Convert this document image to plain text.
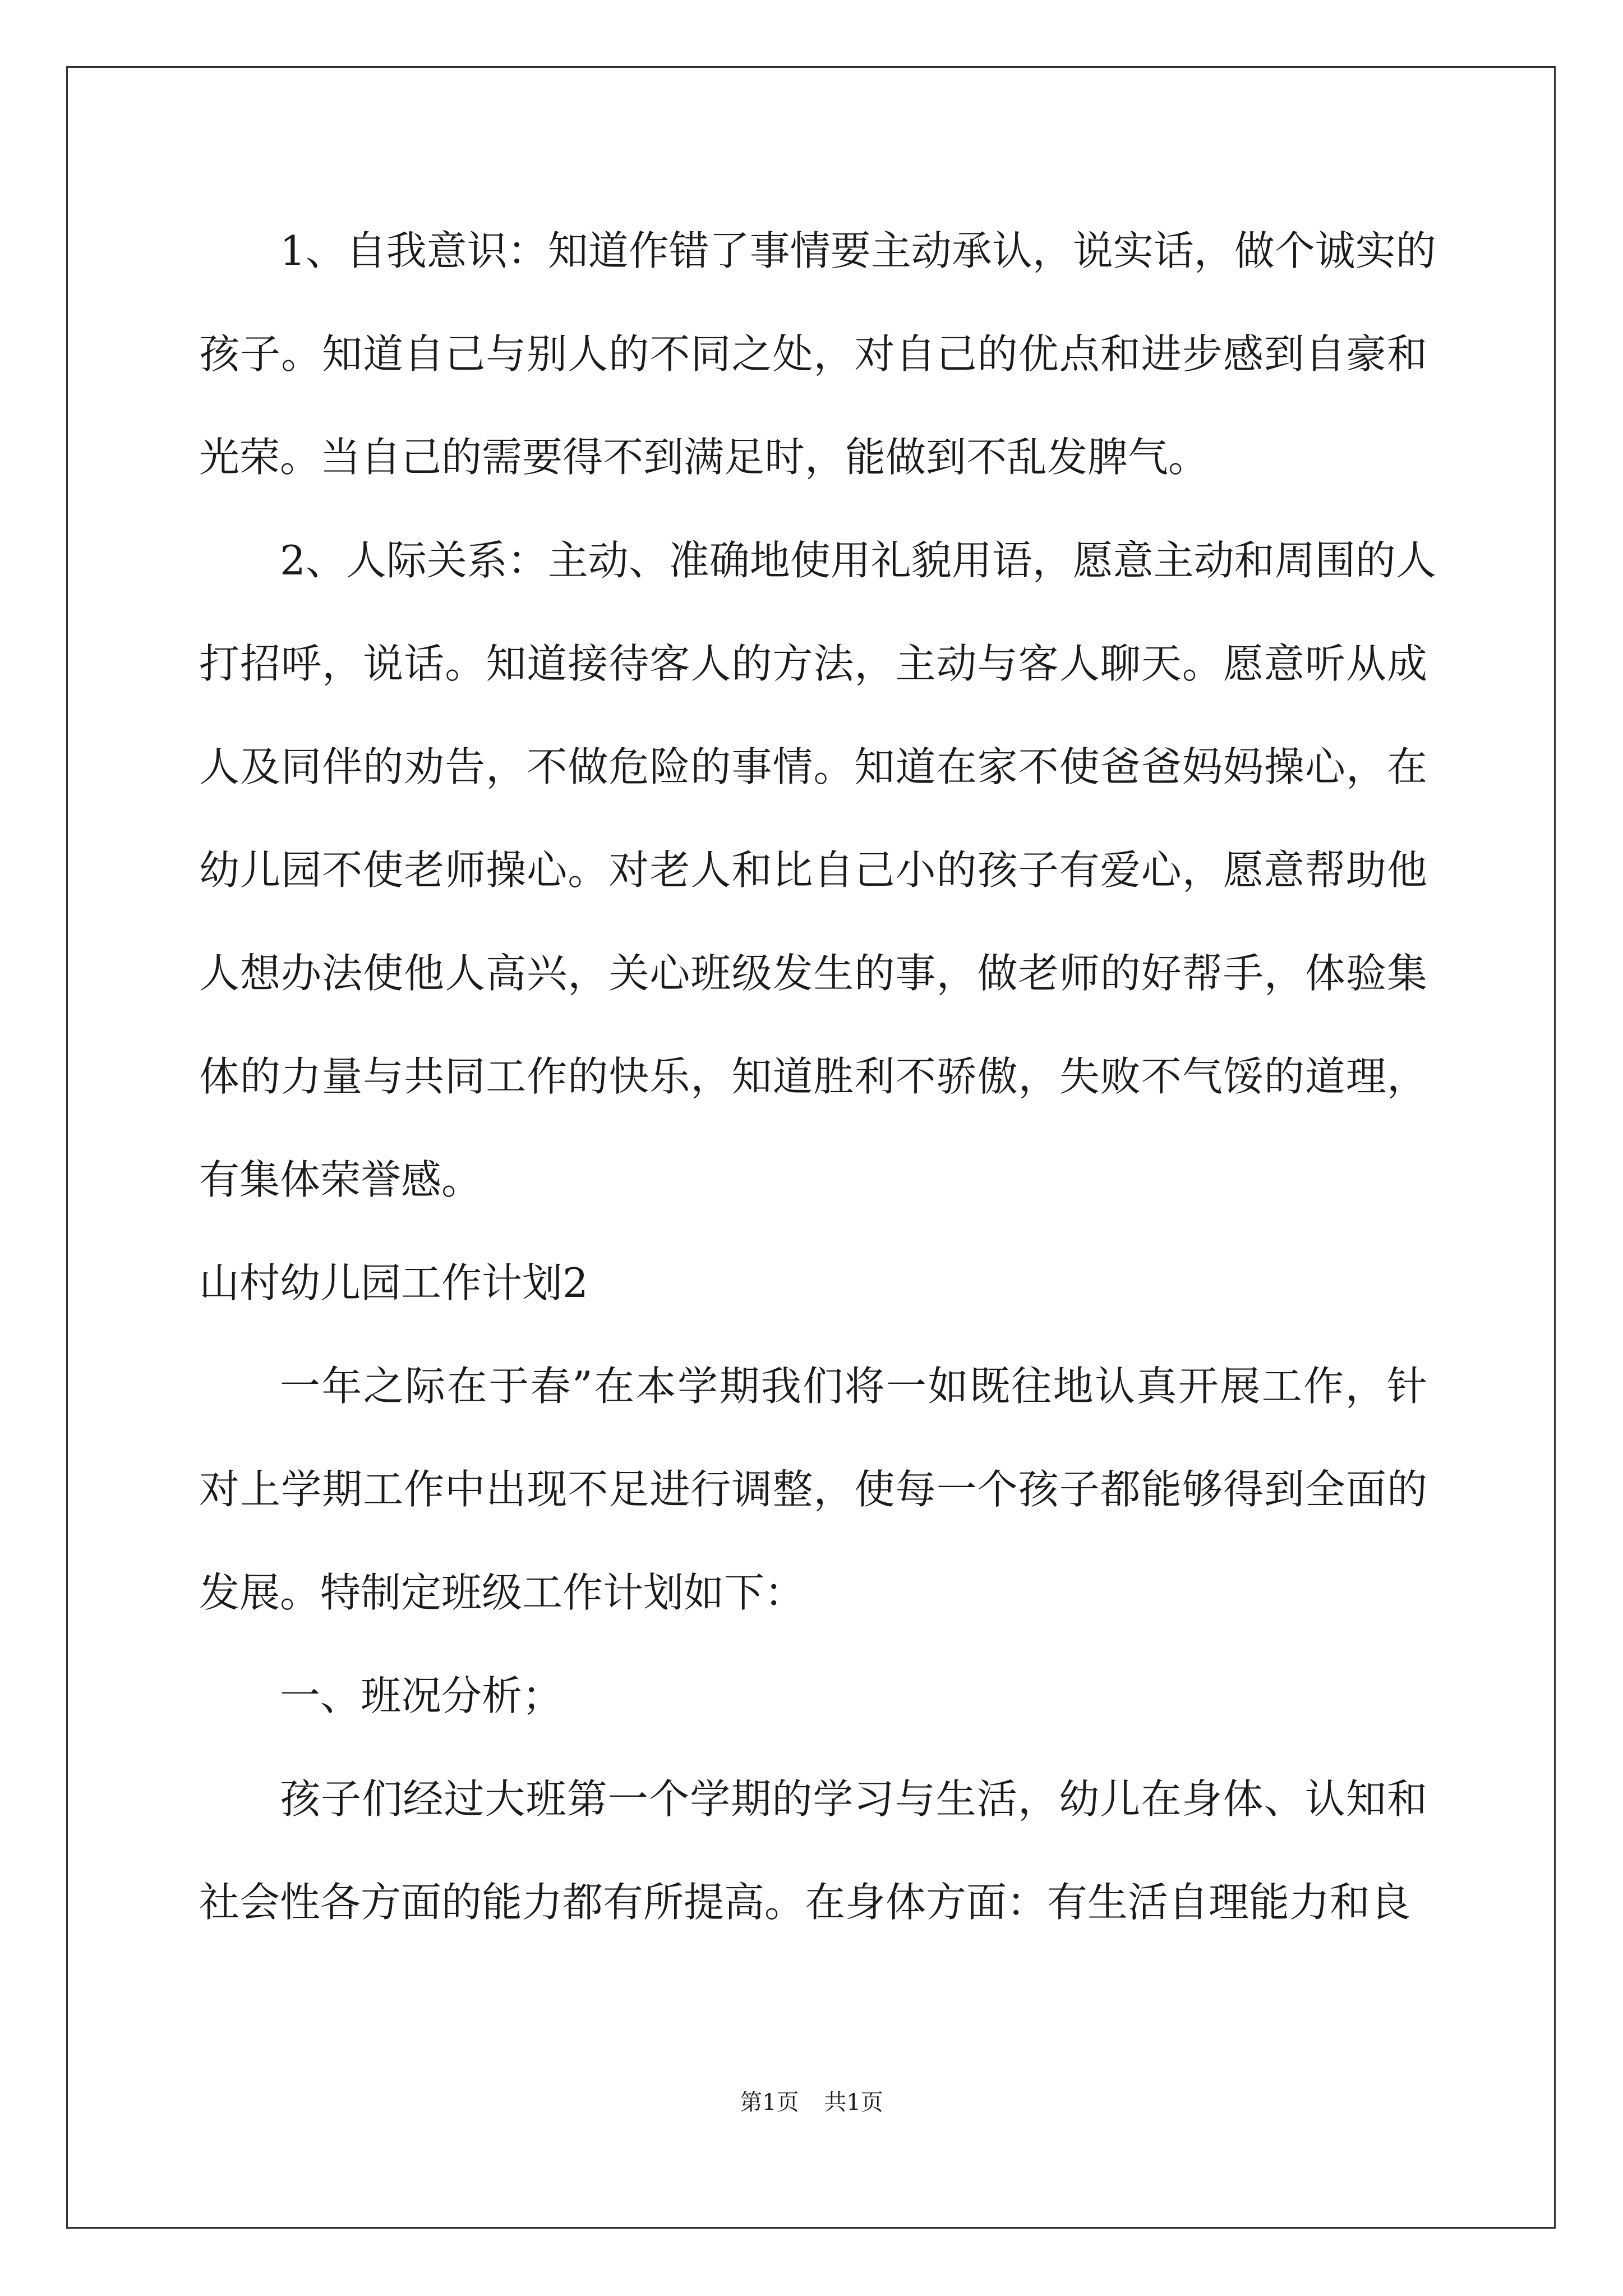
1、自我意识：知道作错了事情要主动承认，说实话，做个诚实的
孩子。知道自己与别人的不同之处，对自己的优点和进步感到自豪和
光荣。当自己的需要得不到满足时，能做到不乱发脾气。
2、人际关系：主动、准确地使用礼貌用语，愿意主动和周围的人
打招呼，说话。知道接待客人的方法，主动与客人聊天。愿意听从成
人及同伴的劝告，不做危险的事情。知道在家不使爸爸妈妈操心，在
幼儿园不使老师操心。对老人和比自己小的孩子有爱心，愿意帮助他
人想办法使他人高兴，关心班级发生的事，做老师的好帮手，体验集
体的力量与共同工作的快乐，知道胜利不骄傲，失败不气馁的道理，
有集体荣誉感。
山村幼儿园工作计划2
一年之际在于春”在本学期我们将一如既往地认真开展工作，针
对上学期工作中出现不足进行调整，使每一个孩子都能够得到全面的
发展。特制定班级工作计划如下：
一、班况分析；
孩子们经过大班第一个学期的学习与生活，幼儿在身体、认知和
社会性各方面的能力都有所提高。在身体方面：有生活自理能力和良
第1页 共1页
